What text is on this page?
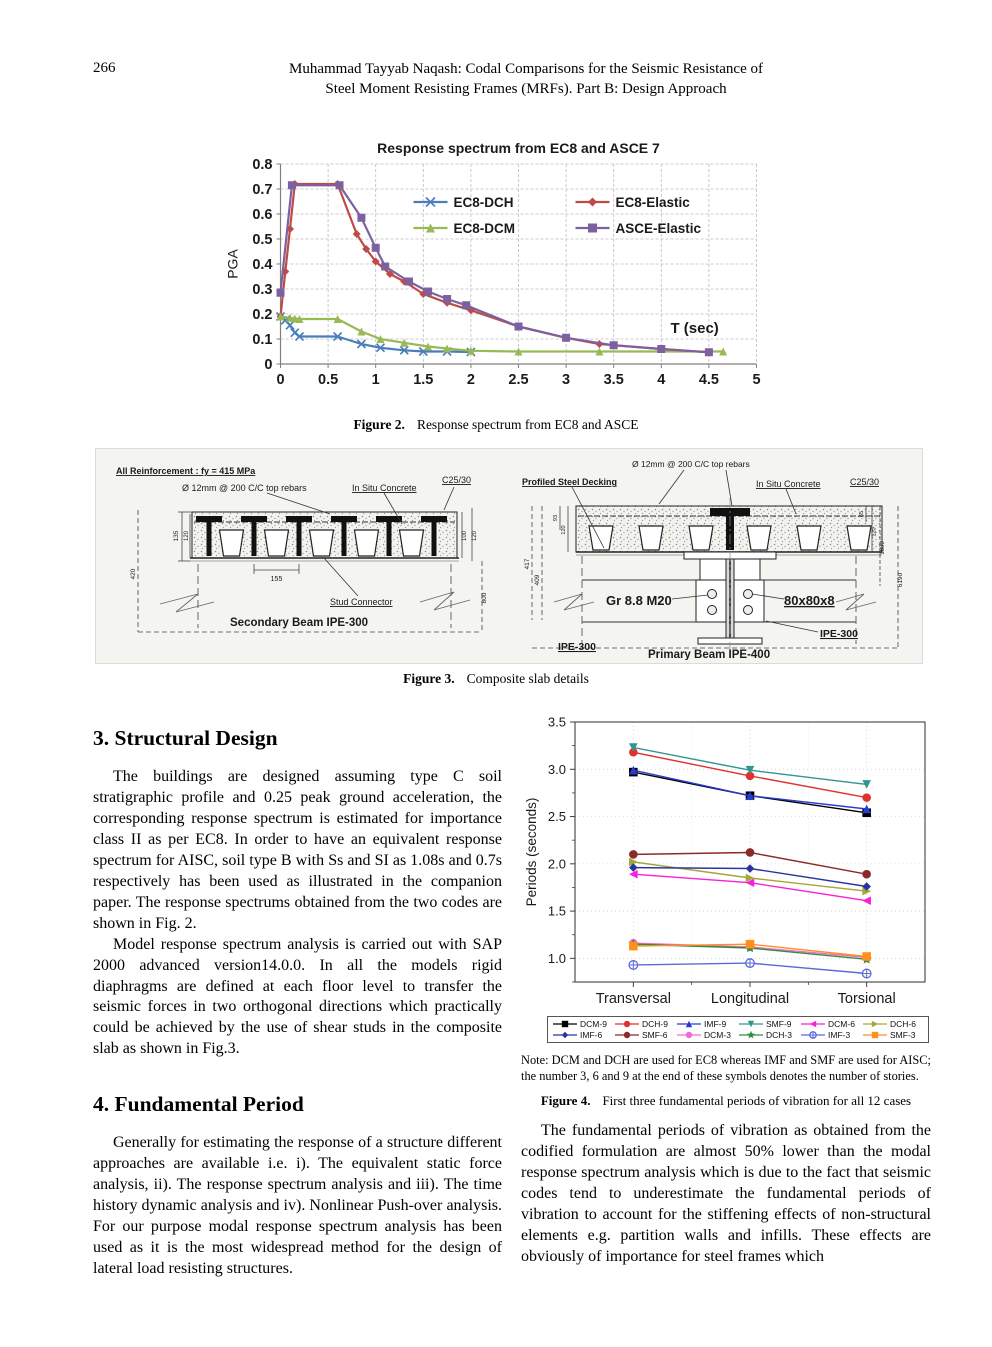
266	Muhammad Tayyab Naqash: Codal Comparisons for the Seismic Resistance of
Steel Moment Resisting Frames (MRFs). Part B: Design Approach
0 0.5 1 1.5 2 2.5 3 3.5 4 4.5 5
0
0.1
0.2
0.3
0.4
0.5
0.6
0.7
0.8
Response spectrum from EC8 and ASCE 7
PGA
T (sec)
EC8-DCH	EC8-Elastic
EC8-DCM	ASCE-Elastic
Figure 2. Response spectrum from EC8 and ASCE
135 120
420
100 120
800
155
All Reinforcement : fy = 415 MPa
Ø 12mm @ 200 C/C top rebars	In Situ Concrete
C25/30
Stud Connector
Secondary Beam IPE-300
417
409
93
120
65
120
1600
6190
Ø 12mm @ 200 C/C top rebars
Profiled Steel Decking	In Situ Concrete	C25/30
Gr 8.8 M20	80x80x8
IPE-300
IPE-300
Primary Beam IPE-400
Figure 3. Composite slab details
3. Structural Design

The buildings are designed assuming type C soil stratigraphic profile and 0.25 peak ground acceleration, the corresponding response spectrum is estimated for importance class II as per EC8. In order to have an equivalent response spectrum for AISC, soil type B with Ss and SI as 1.08s and 0.7s respectively has been used as illustrated in the companion paper. The response spectrums obtained from the two codes are shown in Fig. 2.

Model response spectrum analysis is carried out with SAP 2000 advanced version14.0.0. In all the models rigid diaphragms are defined at each floor level to transfer the seismic forces in two orthogonal directions which practically could be achieved by the use of shear studs in the composite slab as shown in Fig.3.

4. Fundamental Period

Generally for estimating the response of a structure different approaches are available i.e. i). The equivalent static force analysis, ii). The response spectrum analysis and iii). The time history dynamic analysis and iv). Nonlinear Push-over analysis. For our purpose modal response spectrum analysis has been used as it is the most widespread method for the design of lateral load resisting structures.

1.0
1.5
2.0
2.5
3.0
3.5
Transversal	Longitudinal	Torsional
Periods (seconds)
DCM-9	DCH-9	IMF-9	SMF-9	DCM-6	DCH-6
IMF-6	SMF-6	DCM-3	DCH-3	IMF-3	SMF-3

Note: DCM and DCH are used for EC8 whereas IMF and SMF are used for AISC; the number 3, 6 and 9 at the end of these symbols denotes the number of stories.

Figure 4. First three fundamental periods of vibration for all 12 cases

The fundamental periods of vibration as obtained from the codified formulation are almost 50% lower than the modal response spectrum analysis which is due to the fact that seismic codes tend to underestimate the fundamental periods of vibration to account for the stiffening effects of non-structural elements e.g. partition walls and infills. These effects are obviously of importance for steel frames which
